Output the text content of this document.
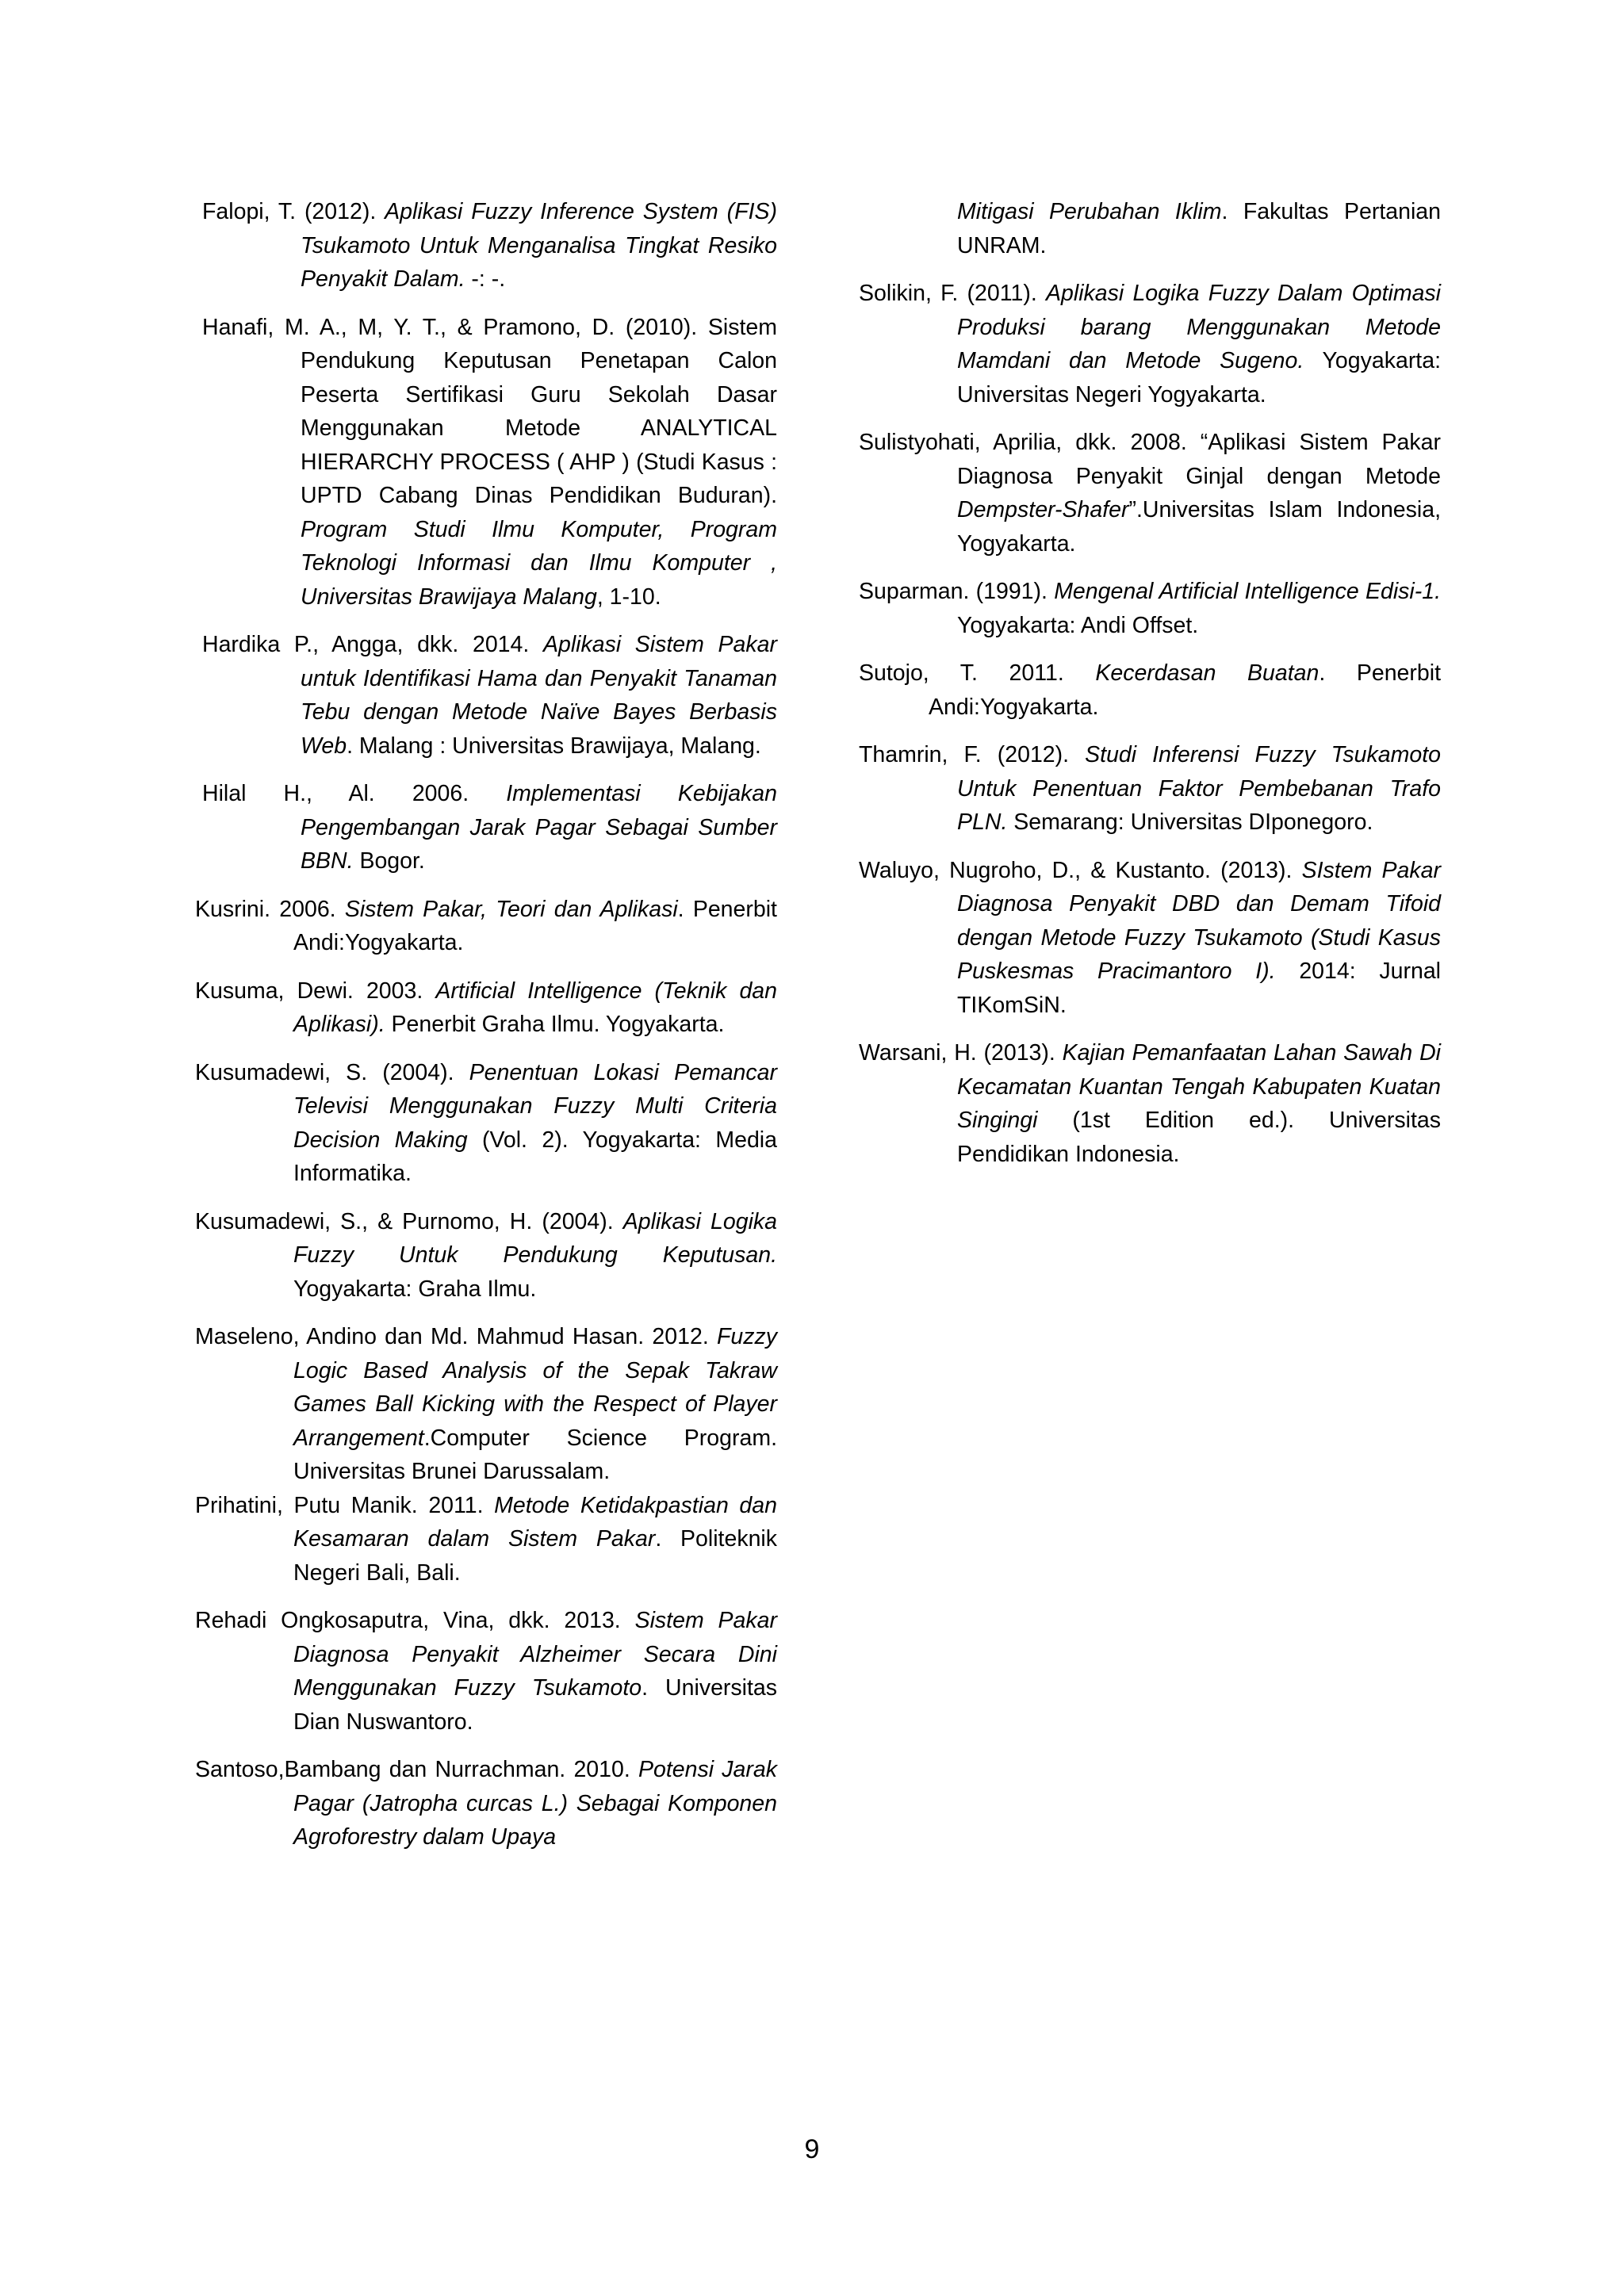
Falopi, T. (2012). Aplikasi Fuzzy Inference System (FIS) Tsukamoto Untuk Menganalisa Tingkat Resiko Penyakit Dalam. -: -.

Hanafi, M. A., M, Y. T., & Pramono, D. (2010). Sistem Pendukung Keputusan Penetapan Calon Peserta Sertifikasi Guru Sekolah Dasar Menggunakan Metode ANALYTICAL HIERARCHY PROCESS ( AHP ) (Studi Kasus : UPTD Cabang Dinas Pendidikan Buduran). Program Studi Ilmu Komputer, Program Teknologi Informasi dan Ilmu Komputer , Universitas Brawijaya Malang, 1-10.

Hardika P., Angga, dkk. 2014. Aplikasi Sistem Pakar untuk Identifikasi Hama dan Penyakit Tanaman Tebu dengan Metode Naïve Bayes Berbasis Web. Malang : Universitas Brawijaya, Malang.

Hilal H., Al. 2006. Implementasi Kebijakan Pengembangan Jarak Pagar Sebagai Sumber BBN. Bogor.

Kusrini. 2006. Sistem Pakar, Teori dan Aplikasi. Penerbit Andi:Yogyakarta.

Kusuma, Dewi. 2003. Artificial Intelligence (Teknik dan Aplikasi). Penerbit Graha Ilmu. Yogyakarta.

Kusumadewi, S. (2004). Penentuan Lokasi Pemancar Televisi Menggunakan Fuzzy Multi Criteria Decision Making (Vol. 2). Yogyakarta: Media Informatika.

Kusumadewi, S., & Purnomo, H. (2004). Aplikasi Logika Fuzzy Untuk Pendukung Keputusan. Yogyakarta: Graha Ilmu.

Maseleno, Andino dan Md. Mahmud Hasan. 2012. Fuzzy Logic Based Analysis of the Sepak Takraw Games Ball Kicking with the Respect of Player Arrangement.Computer Science Program. Universitas Brunei Darussalam.

Prihatini, Putu Manik. 2011. Metode Ketidakpastian dan Kesamaran dalam Sistem Pakar. Politeknik Negeri Bali, Bali.

Rehadi Ongkosaputra, Vina, dkk. 2013. Sistem Pakar Diagnosa Penyakit Alzheimer Secara Dini Menggunakan Fuzzy Tsukamoto. Universitas Dian Nuswantoro.

Santoso,Bambang dan Nurrachman. 2010. Potensi Jarak Pagar (Jatropha curcas L.) Sebagai Komponen Agroforestry dalam Upaya

Mitigasi Perubahan Iklim. Fakultas Pertanian UNRAM.

Solikin, F. (2011). Aplikasi Logika Fuzzy Dalam Optimasi Produksi barang Menggunakan Metode Mamdani dan Metode Sugeno. Yogyakarta: Universitas Negeri Yogyakarta.

Sulistyohati, Aprilia, dkk. 2008. “Aplikasi Sistem Pakar Diagnosa Penyakit Ginjal dengan Metode Dempster-Shafer”.Universitas Islam Indonesia, Yogyakarta.

Suparman. (1991). Mengenal Artificial Intelligence Edisi-1. Yogyakarta: Andi Offset.

Sutojo, T. 2011. Kecerdasan Buatan. Penerbit Andi:Yogyakarta.

Thamrin, F. (2012). Studi Inferensi Fuzzy Tsukamoto Untuk Penentuan Faktor Pembebanan Trafo PLN. Semarang: Universitas DIponegoro.

Waluyo, Nugroho, D., & Kustanto. (2013). SIstem Pakar Diagnosa Penyakit DBD dan Demam Tifoid dengan Metode Fuzzy Tsukamoto (Studi Kasus Puskesmas Pracimantoro I). 2014: Jurnal TIKomSiN.

Warsani, H. (2013). Kajian Pemanfaatan Lahan Sawah Di Kecamatan Kuantan Tengah Kabupaten Kuatan Singingi (1st Edition ed.). Universitas Pendidikan Indonesia.

9
